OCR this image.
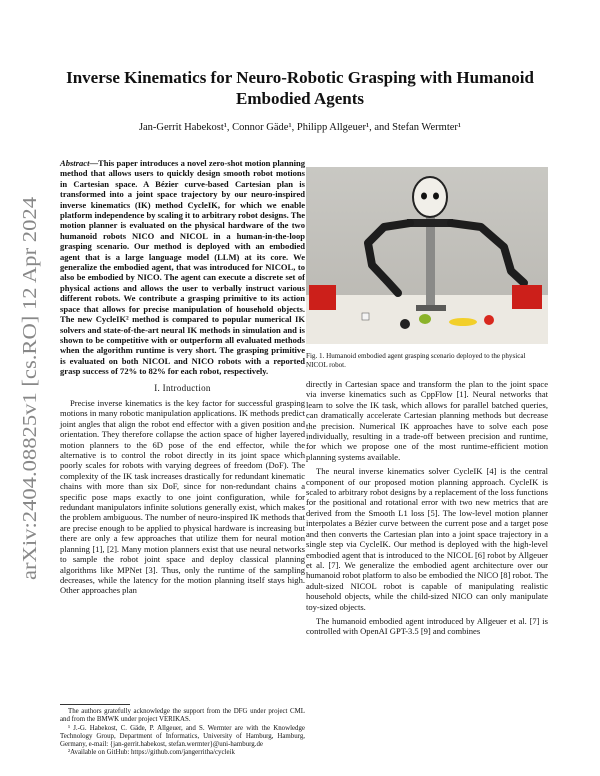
Inverse Kinematics for Neuro-Robotic Grasping with Humanoid Embodied Agents
Jan-Gerrit Habekost¹, Connor Gäde¹, Philipp Allgeuer¹, and Stefan Wermter¹
arXiv:2404.08825v1 [cs.RO] 12 Apr 2024
Abstract—This paper introduces a novel zero-shot motion planning method that allows users to quickly design smooth robot motions in Cartesian space. A Bézier curve-based Cartesian plan is transformed into a joint space trajectory by our neuro-inspired inverse kinematics (IK) method CycleIK, for which we enable platform independence by scaling it to arbitrary robot designs. The motion planner is evaluated on the physical hardware of the two humanoid robots NICO and NICOL in a human-in-the-loop grasping scenario. Our method is deployed with an embodied agent that is a large language model (LLM) at its core. We generalize the embodied agent, that was introduced for NICOL, to also be embodied by NICO. The agent can execute a discrete set of physical actions and allows the user to verbally instruct various different robots. We contribute a grasping primitive to its action space that allows for precise manipulation of household objects. The new CycleIK² method is compared to popular numerical IK solvers and state-of-the-art neural IK methods in simulation and is shown to be competitive with or outperform all evaluated methods when the algorithm runtime is very short. The grasping primitive is evaluated on both NICOL and NICO robots with a reported grasp success of 72% to 82% for each robot, respectively.
Fig. 1. Humanoid embodied agent grasping scenario deployed to the physical NICOL robot.
I. Introduction
Precise inverse kinematics is the key factor for successful grasping motions in many robotic manipulation applications. IK methods predict joint angles that align the robot end effector with a given position and orientation. They therefore collapse the action space of higher layered motion planners to the 6D pose of the end effector, while the alternative is to control the robot directly in its joint space which poorly scales for robots with varying degrees of freedom (DoF). The complexity of the IK task increases drastically for redundant kinematic chains with more than six DoF, since for non-redundant chains a specific pose maps exactly to one joint configuration, while for redundant manipulators infinite solutions generally exist, which makes the problem ambiguous. The number of neuro-inspired IK methods that are precise enough to be applied to physical hardware is increasing but there are only a few approaches that utilize them for neural motion planning [1], [2]. Many motion planners exist that use neural networks to sample the robot joint space and deploy classical planning algorithms like MPNet [3]. Thus, only the runtime of the sampling decreases, while the latency for the motion planning itself stays high. Other approaches plan

The authors gratefully acknowledge the support from the DFG under project CML and from the BMWK under project VERIKAS.

¹ J.-G. Habekost, C. Gäde, P. Allgeuer, and S. Wermter are with the Knowledge Technology Group, Department of Informatics, University of Hamburg, Hamburg, Germany, e-mail: {jan-gerrit.habekost, stefan.wermter}@uni-hamburg.de

²Available on GitHub: https://github.com/jangerritha/cycleik

directly in Cartesian space and transform the plan to the joint space via inverse kinematics such as CppFlow [1]. Neural networks that learn to solve the IK task, which allows for parallel batched queries, can dramatically accelerate Cartesian planning methods but decrease the precision. Numerical IK approaches have to solve each pose individually, resulting in a trade-off between precision and runtime, for which we propose one of the most runtime-efficient motion planning systems available.

The neural inverse kinematics solver CycleIK [4] is the central component of our proposed motion planning approach. CycleIK is scaled to arbitrary robot designs by a replacement of the loss functions for the positional and rotational error with two new metrics that are derived from the Smooth L1 loss [5]. The low-level motion planner interpolates a Bézier curve between the current pose and a target pose and then converts the Cartesian plan into a joint space trajectory in a single step via CycleIK. Our method is deployed with the high-level embodied agent that is introduced to the NICOL [6] robot by Allgeuer et al. [7]. We generalize the embodied agent architecture over our humanoid robot platform to also be embodied the NICO [8] robot. The adult-sized NICOL robot is capable of manipulating realistic household objects, while the child-sized NICO can only manipulate toy-sized objects.

The humanoid embodied agent introduced by Allgeuer et al. [7] is controlled with OpenAI GPT-3.5 [9] and combines
